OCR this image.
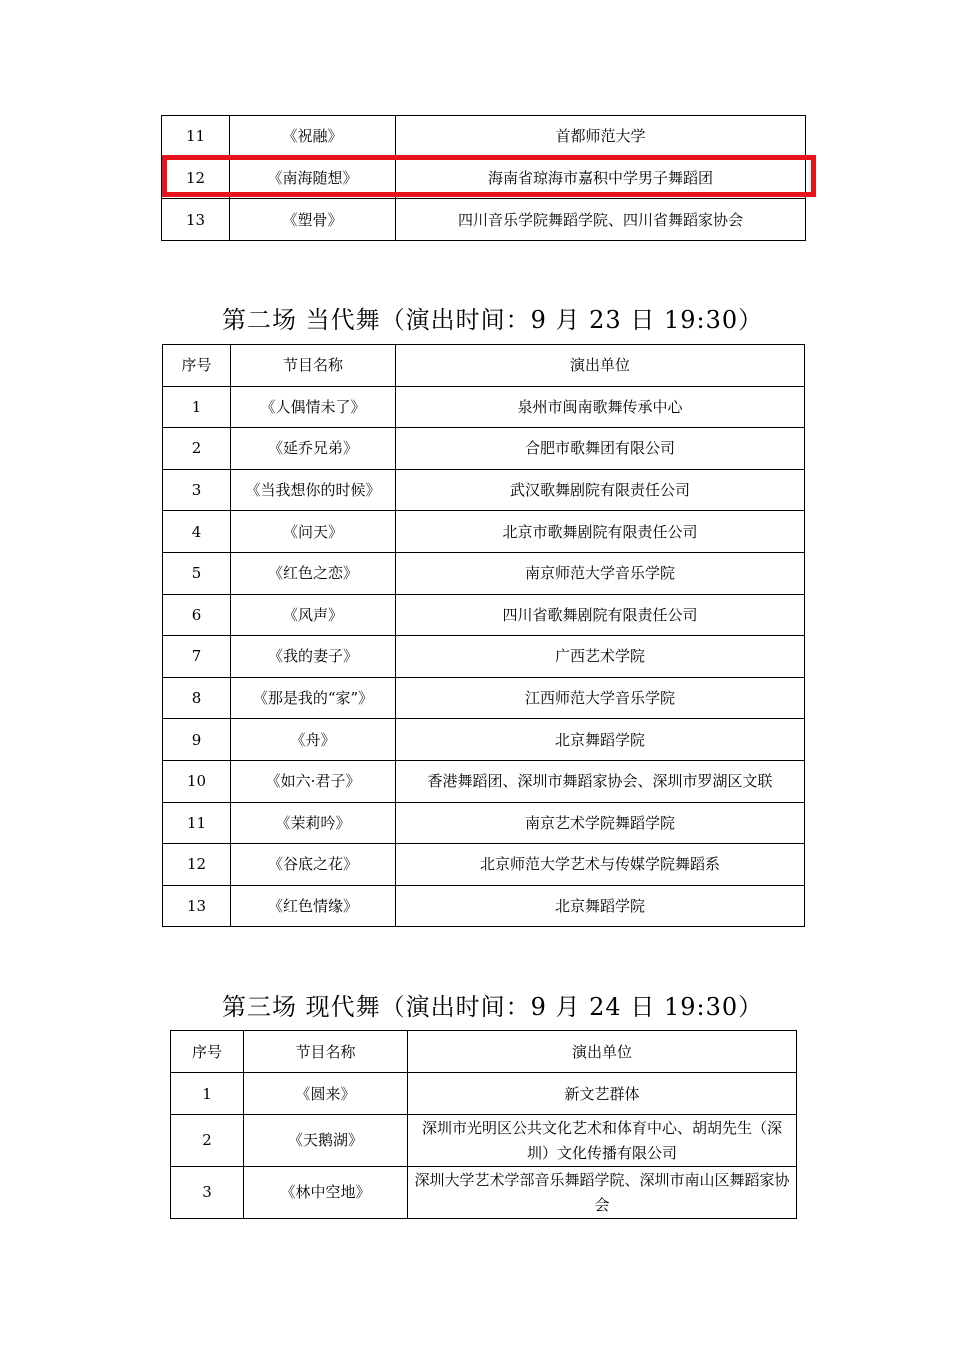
11	《祝融》	首都师范大学
12	《南海随想》	海南省琼海市嘉积中学男子舞蹈团
13	《塑骨》	四川音乐学院舞蹈学院、四川省舞蹈家协会
第二场 当代舞（演出时间：9 月 23 日 19:30）
序号	节目名称	演出单位
1	《人偶情未了》	泉州市闽南歌舞传承中心
2	《延乔兄弟》	合肥市歌舞团有限公司
3	《当我想你的时候》	武汉歌舞剧院有限责任公司
4	《问天》	北京市歌舞剧院有限责任公司
5	《红色之恋》	南京师范大学音乐学院
6	《风声》	四川省歌舞剧院有限责任公司
7	《我的妻子》	广西艺术学院
8	《那是我的“家”》	江西师范大学音乐学院
9	《舟》	北京舞蹈学院
10	《如六·君子》	香港舞蹈团、深圳市舞蹈家协会、深圳市罗湖区文联
11	《茉莉吟》	南京艺术学院舞蹈学院
12	《谷底之花》	北京师范大学艺术与传媒学院舞蹈系
13	《红色情缘》	北京舞蹈学院
第三场 现代舞（演出时间：9 月 24 日 19:30）
序号	节目名称	演出单位
1	《圆来》	新文艺群体
2	《天鹅湖》	深圳市光明区公共文化艺术和体育中心、胡胡先生（深圳）文化传播有限公司
3	《林中空地》	深圳大学艺术学部音乐舞蹈学院、深圳市南山区舞蹈家协会
